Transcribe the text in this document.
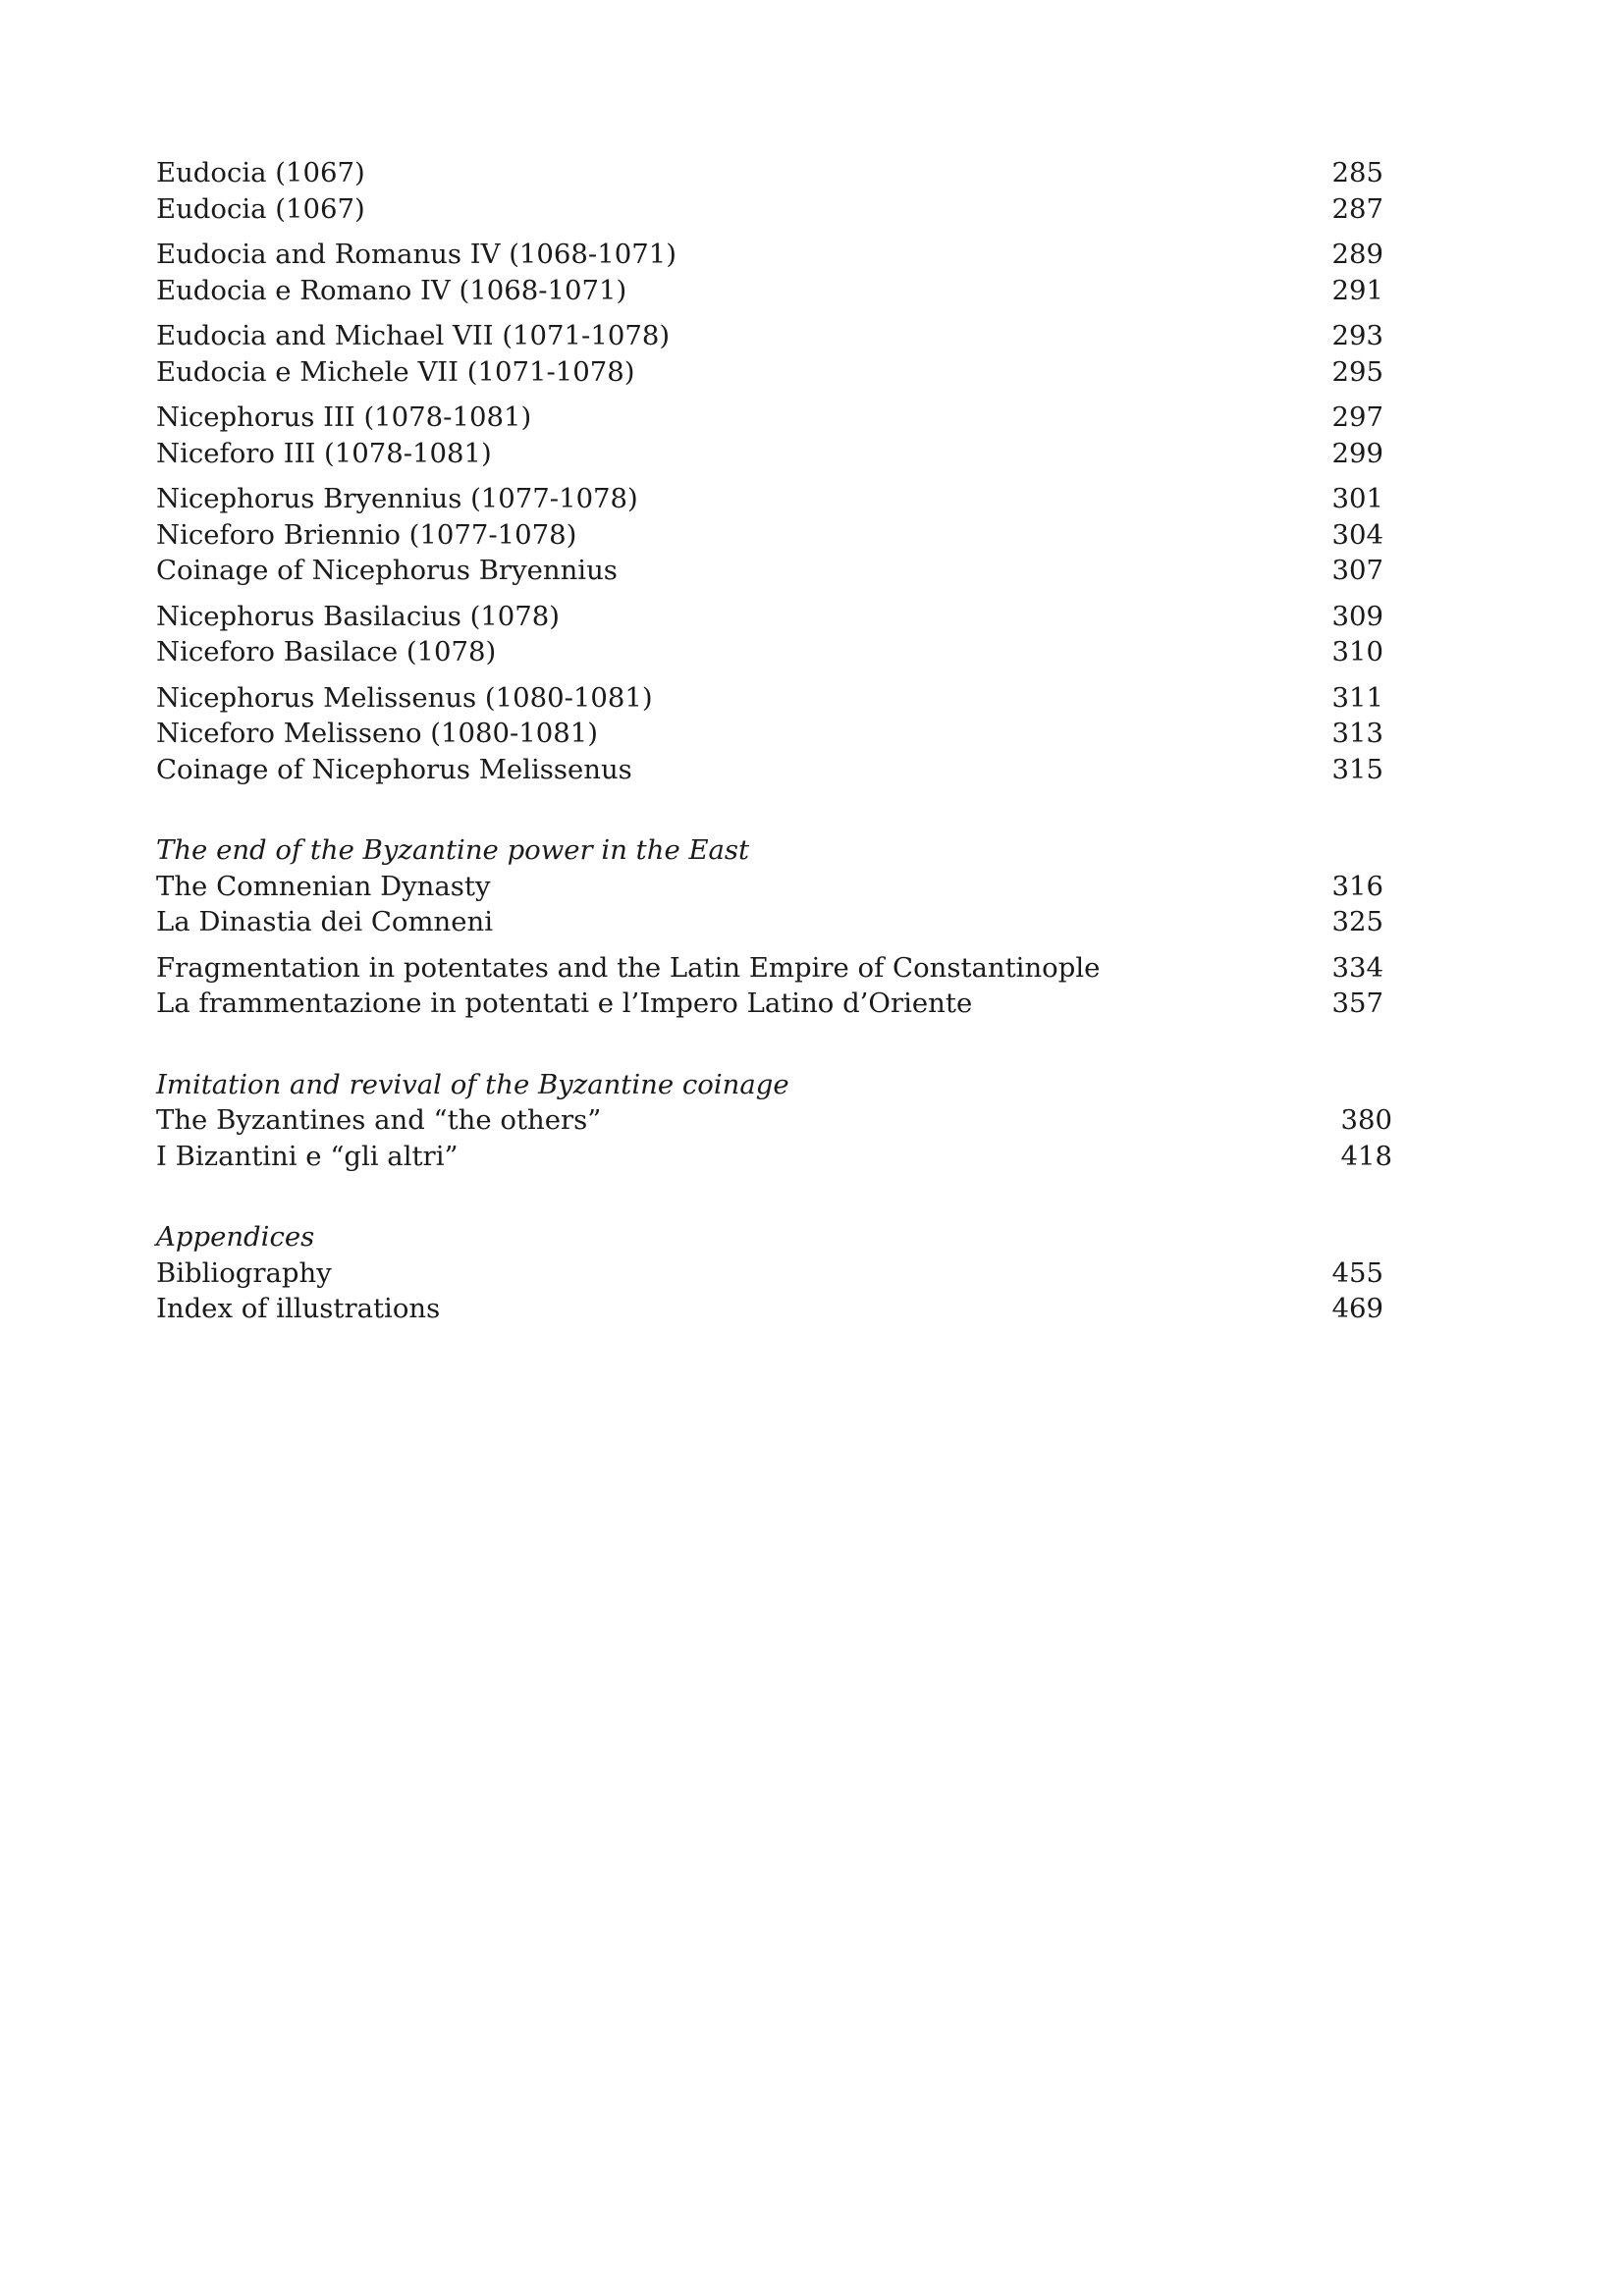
Eudocia (1067)	285
Eudocia (1067)	287
Eudocia and Romanus IV (1068-1071)	289
Eudocia e Romano IV (1068-1071)	291
Eudocia and Michael VII (1071-1078)	293
Eudocia e Michele VII (1071-1078)	295
Nicephorus III (1078-1081)	297
Niceforo III (1078-1081)	299
Nicephorus Bryennius (1077-1078)	301
Niceforo Briennio (1077-1078)	304
Coinage of Nicephorus Bryennius	307
Nicephorus Basilacius (1078)	309
Niceforo Basilace (1078)	310
Nicephorus Melissenus (1080-1081)	311
Niceforo Melisseno (1080-1081)	313
Coinage of Nicephorus Melissenus	315
The end of the Byzantine power in the East
The Comnenian Dynasty	316
La Dinastia dei Comneni	325
Fragmentation in potentates and the Latin Empire of Constantinople	334
La frammentazione in potentati e l’Impero Latino d’Oriente	357
Imitation and revival of the Byzantine coinage
The Byzantines and “the others”	380
I Bizantini e “gli altri”	418
Appendices
Bibliography	455
Index of illustrations	469
